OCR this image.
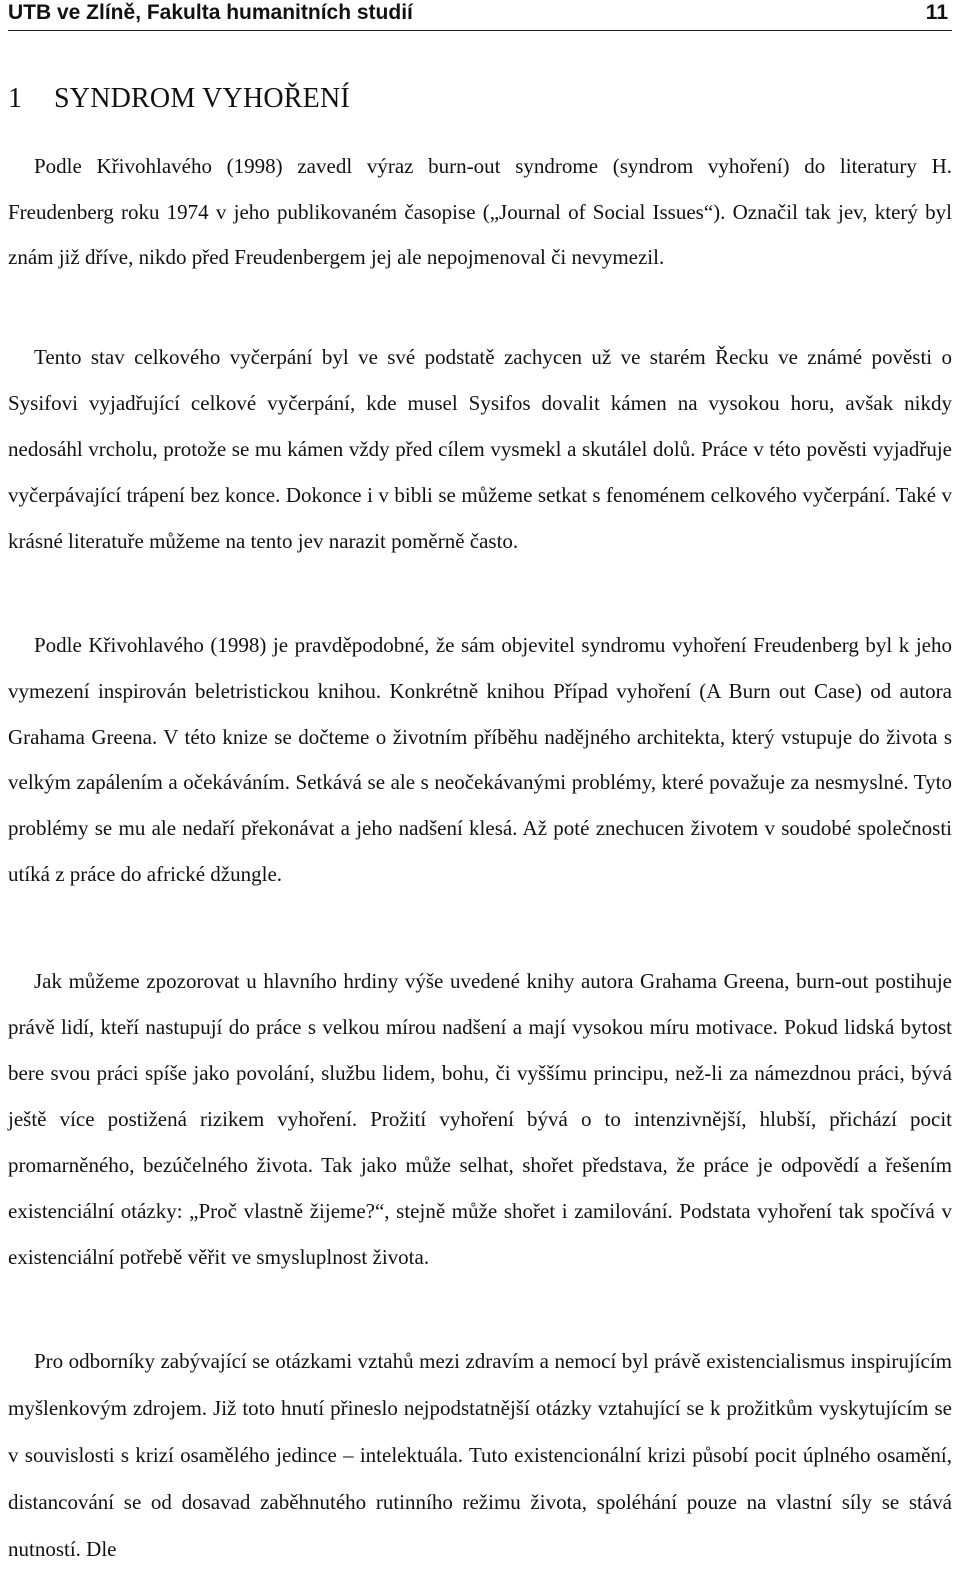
UTB ve Zlíně, Fakulta humanitních studií	11
1 SYNDROM VYHOŘENÍ

Podle Křivohlavého (1998) zavedl výraz burn-out syndrome (syndrom vyhoření) do literatury H. Freudenberg roku 1974 v jeho publikovaném časopise („Journal of Social Issues“). Označil tak jev, který byl znám již dříve, nikdo před Freudenbergem jej ale nepojmenoval či nevymezil.

Tento stav celkového vyčerpání byl ve své podstatě zachycen už ve starém Řecku ve známé pověsti o Sysifovi vyjadřující celkové vyčerpání, kde musel Sysifos dovalit kámen na vysokou horu, avšak nikdy nedosáhl vrcholu, protože se mu kámen vždy před cílem vysmekl a skutálel dolů. Práce v této pověsti vyjadřuje vyčerpávající trápení bez konce. Dokonce i v bibli se můžeme setkat s fenoménem celkového vyčerpání. Také v krásné literatuře můžeme na tento jev narazit poměrně často.

Podle Křivohlavého (1998) je pravděpodobné, že sám objevitel syndromu vyhoření Freudenberg byl k jeho vymezení inspirován beletristickou knihou. Konkrétně knihou Případ vyhoření (A Burn out Case) od autora Grahama Greena. V této knize se dočteme o životním příběhu nadějného architekta, který vstupuje do života s velkým zapálením a očekáváním. Setkává se ale s neočekávanými problémy, které považuje za nesmyslné. Tyto problémy se mu ale nedaří překonávat a jeho nadšení klesá. Až poté znechucen životem v soudobé společnosti utíká z práce do africké džungle.

Jak můžeme zpozorovat u hlavního hrdiny výše uvedené knihy autora Grahama Greena, burn-out postihuje právě lidí, kteří nastupují do práce s velkou mírou nadšení a mají vysokou míru motivace. Pokud lidská bytost bere svou práci spíše jako povolání, službu lidem, bohu, či vyššímu principu, než-li za námezdnou práci, bývá ještě více postižená rizikem vyhoření. Prožití vyhoření bývá o to intenzivnější, hlubší, přichází pocit promarněného, bezúčelného života. Tak jako může selhat, shořet představa, že práce je odpovědí a řešením existenciální otázky: „Proč vlastně žijeme?“, stejně může shořet i zamilování. Podstata vyhoření tak spočívá v existenciální potřebě věřit ve smysluplnost života.

Pro odborníky zabývající se otázkami vztahů mezi zdravím a nemocí byl právě existencialismus inspirujícím myšlenkovým zdrojem. Již toto hnutí přineslo nejpodstatnější otázky vztahující se k prožitkům vyskytujícím se v souvislosti s krizí osamělého jedince – intelektuála. Tuto existencionální krizi působí pocit úplného osamění, distancování se od dosavad zaběhnutého rutinního režimu života, spoléhání pouze na vlastní síly se stává nutností. Dle
